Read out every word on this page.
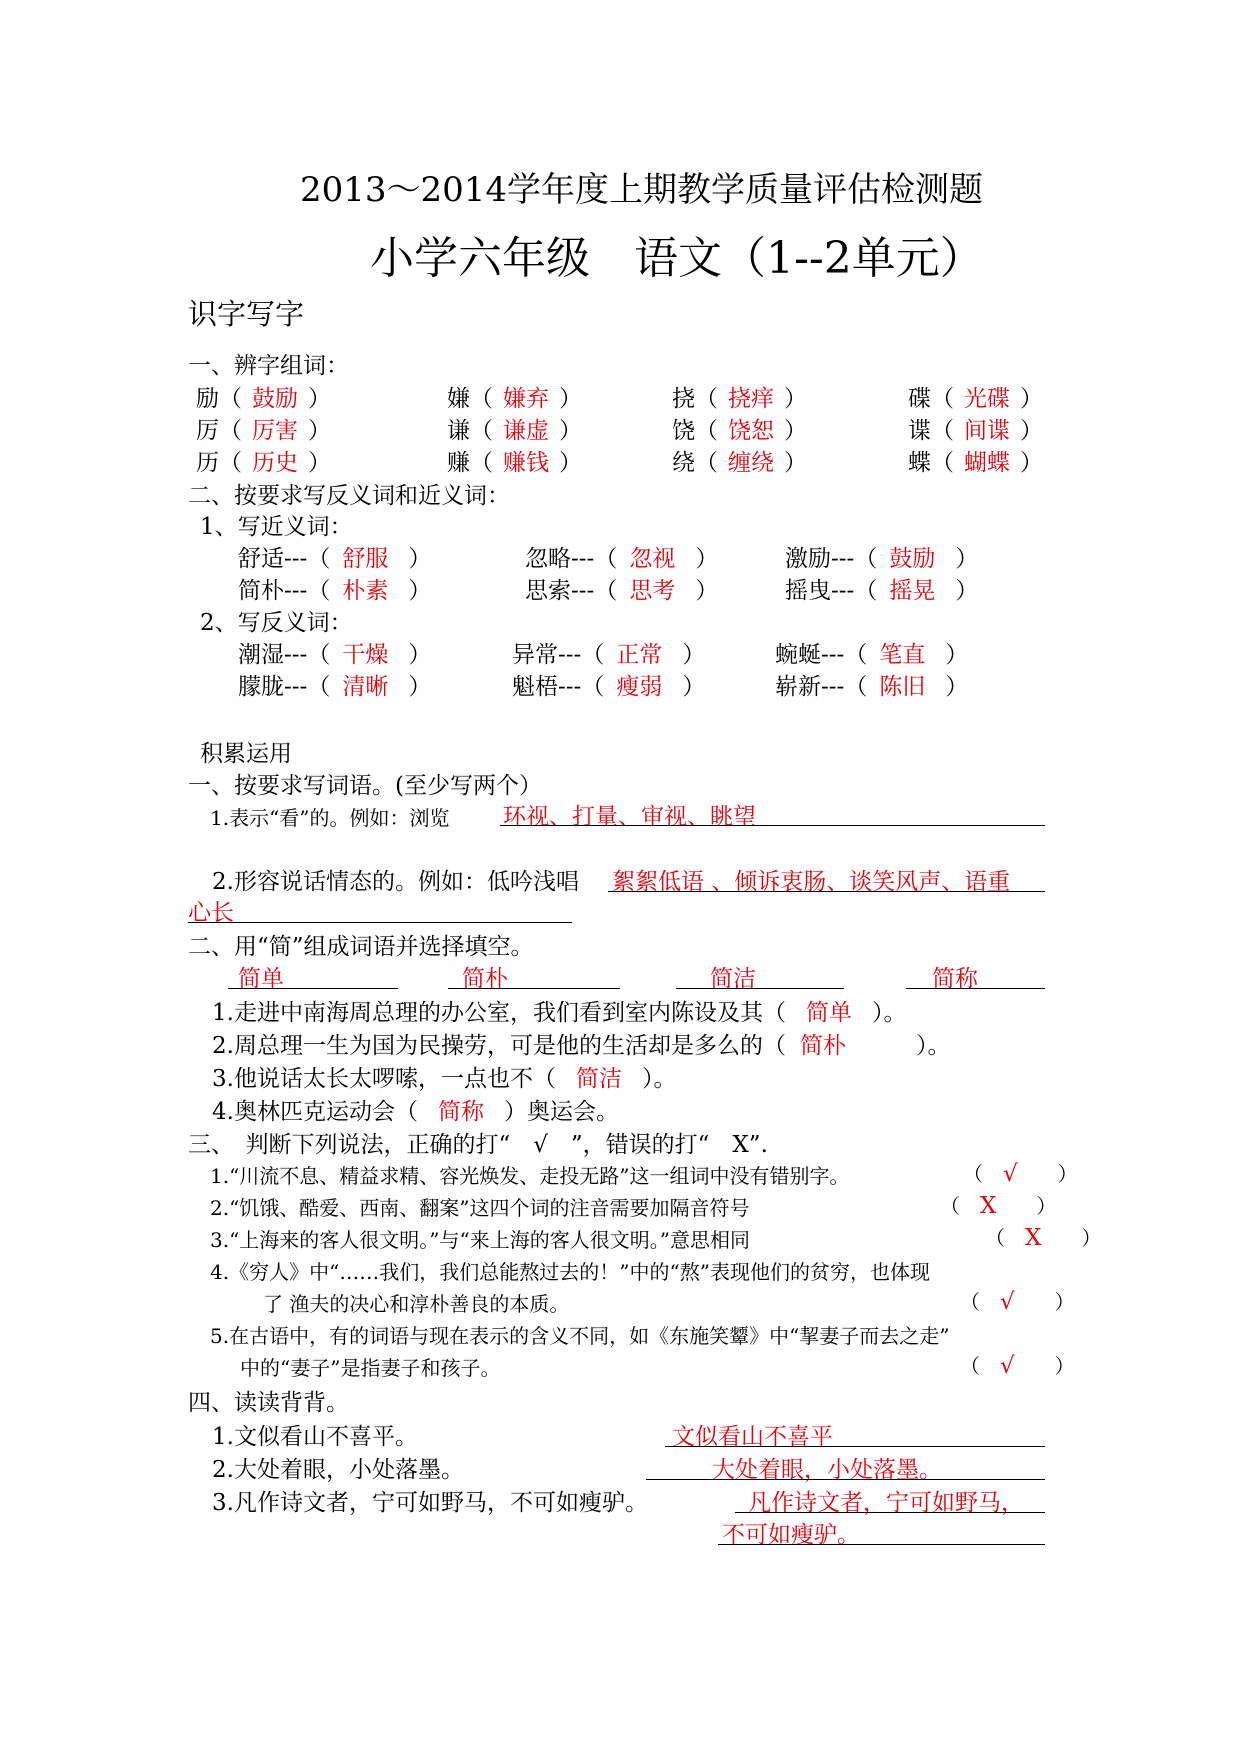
2013～2014学年度上期教学质量评估检测题
小学六年级　语文（1--2单元）
识字写字
一、辨字组词：
励（ 鼓励 ）	嫌（ 嫌弃 ）	挠（ 挠痒 ）	碟（ 光碟 ）
厉（ 厉害 ）	谦（ 谦虚 ）	饶（ 饶恕 ）	谍（ 间谍 ）
历（ 历史 ）	赚（ 赚钱 ）	绕（ 缠绕 ）	蝶（ 蝴蝶 ）
二、按要求写反义词和近义词：
1、写近义词：
舒适---（ 舒服 ）	忽略---（ 忽视 ）	激励---（ 鼓励 ）
简朴---（ 朴素 ）	思索---（ 思考 ）	摇曳---（ 摇晃 ）
2、写反义词：
潮湿---（ 干燥 ）	异常---（ 正常 ）	蜿蜒---（ 笔直 ）
朦胧---（ 清晰 ）	魁梧---（ 瘦弱 ）	崭新---（ 陈旧 ）
积累运用
一、按要求写词语。(至少写两个）
1.表示“看”的。例如：浏览 环视、打量、审视、眺望
2.形容说话情态的。例如：低吟浅唱 絮絮低语 、倾诉衷肠、谈笑风声、语重
心长
二、用“简”组成词语并选择填空。
简单	简朴	简洁	简称
1.走进中南海周总理的办公室，我们看到室内陈设及其（ 简单 ）。
2.周总理一生为国为民操劳，可是他的生活却是多么的（ 简朴	）。
3.他说话太长太啰嗦，一点也不（ 简洁 ）。
4.奥林匹克运动会（ 简称 ）奥运会。
三、　判断下列说法，正确的打“　√　”，错误的打“　X”.
1.“川流不息、精益求精、容光焕发、走投无路”这一组词中没有错别字。	（　√　　）
2.“饥饿、酷爱、西南、翻案”这四个词的注音需要加隔音符号	（　X　　）
3.“上海来的客人很文明。”与“来上海的客人很文明。”意思相同	（　X　　）
4.《穷人》中“……我们，我们总能熬过去的！”中的“熬”表现他们的贫穷，也体现
了 渔夫的决心和淳朴善良的本质。	（　√　　）
5.在古语中，有的词语与现在表示的含义不同，如《东施笑颦》中“挈妻子而去之走”
中的“妻子”是指妻子和孩子。	（　√　　）
四、读读背背。
1.文似看山不喜平。	文似看山不喜平
2.大处着眼，小处落墨。	大处着眼，小处落墨。
3.凡作诗文者，宁可如野马，不可如瘦驴。	凡作诗文者，宁可如野马，
不可如瘦驴。
